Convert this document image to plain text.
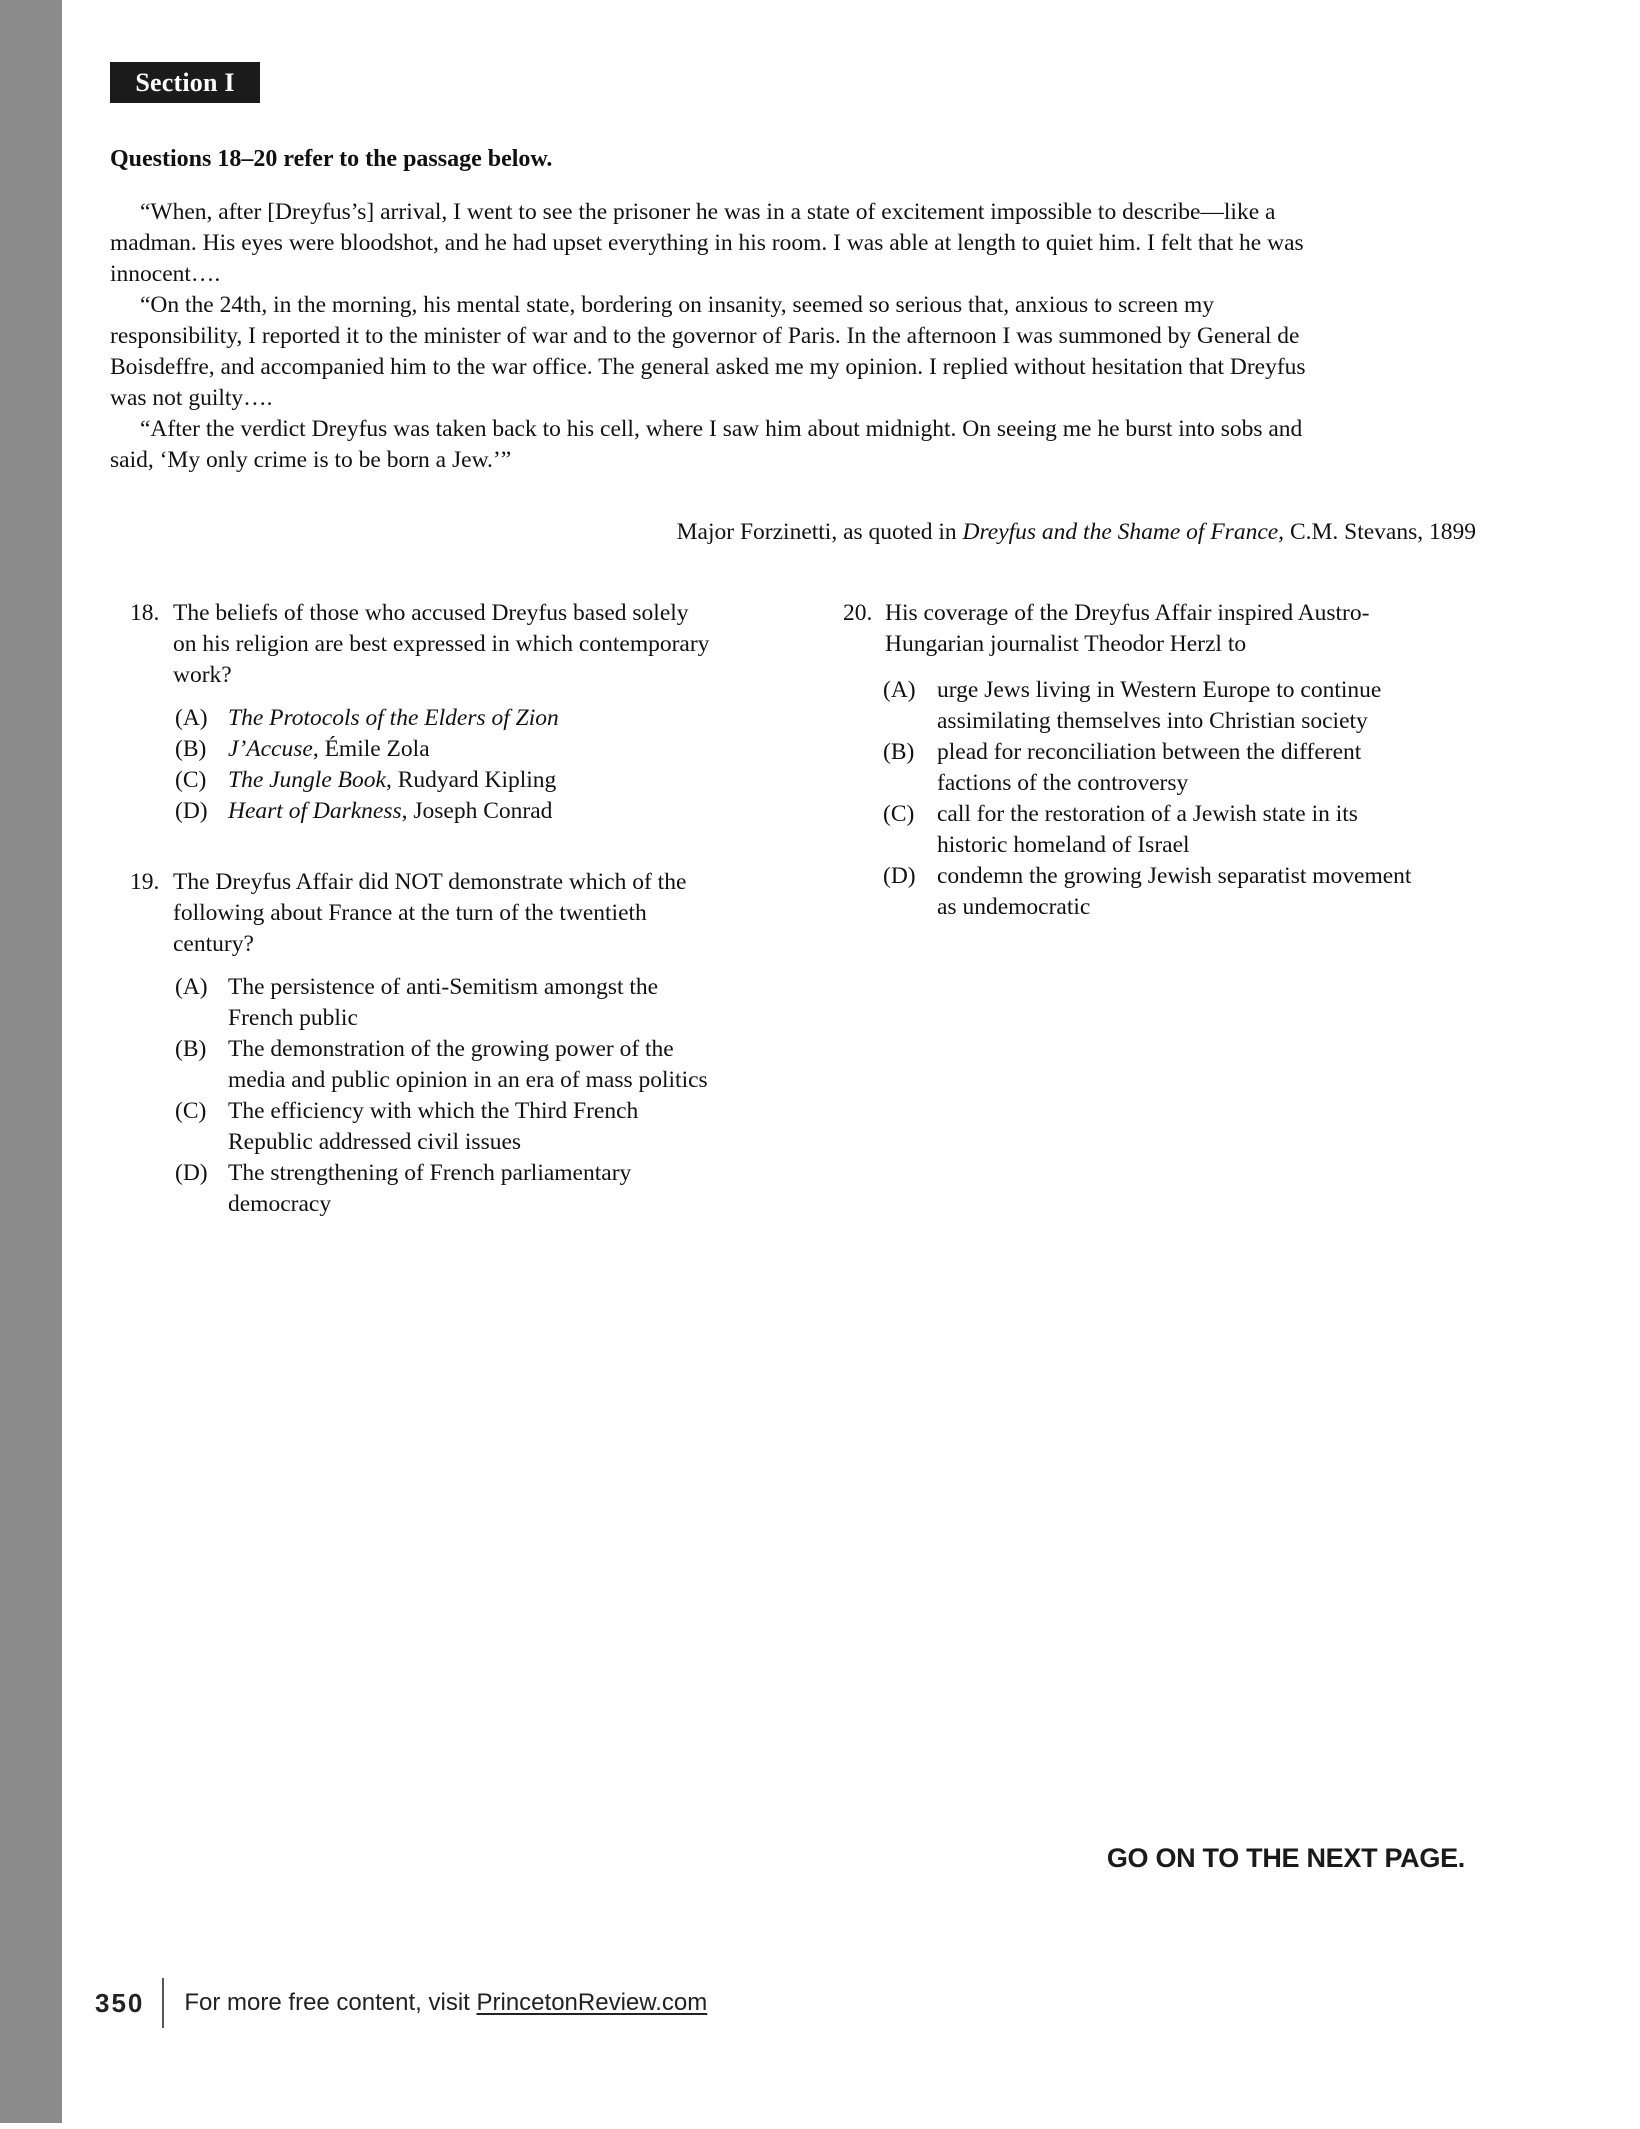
Section I
Questions 18–20 refer to the passage below.
“When, after [Dreyfus’s] arrival, I went to see the prisoner he was in a state of excitement impossible to describe—like a
madman. His eyes were bloodshot, and he had upset everything in his room. I was able at length to quiet him. I felt that he was
innocent….
“On the 24th, in the morning, his mental state, bordering on insanity, seemed so serious that, anxious to screen my
responsibility, I reported it to the minister of war and to the governor of Paris. In the afternoon I was summoned by General de
Boisdeffre, and accompanied him to the war office. The general asked me my opinion. I replied without hesitation that Dreyfus
was not guilty….
“After the verdict Dreyfus was taken back to his cell, where I saw him about midnight. On seeing me he burst into sobs and
said, ‘My only crime is to be born a Jew.’”
Major Forzinetti, as quoted in Dreyfus and the Shame of France, C.M. Stevans, 1899
18. The beliefs of those who accused Dreyfus based solely
on his religion are best expressed in which contemporary
work?
(A) The Protocols of the Elders of Zion
(B) J’Accuse, Émile Zola
(C) The Jungle Book, Rudyard Kipling
(D) Heart of Darkness, Joseph Conrad
19. The Dreyfus Affair did NOT demonstrate which of the
following about France at the turn of the twentieth
century?
(A) The persistence of anti-Semitism amongst the
French public
(B) The demonstration of the growing power of the
media and public opinion in an era of mass politics
(C) The efficiency with which the Third French
Republic addressed civil issues
(D) The strengthening of French parliamentary
democracy
20. His coverage of the Dreyfus Affair inspired Austro-
Hungarian journalist Theodor Herzl to
(A) urge Jews living in Western Europe to continue
assimilating themselves into Christian society
(B) plead for reconciliation between the different
factions of the controversy
(C) call for the restoration of a Jewish state in its
historic homeland of Israel
(D) condemn the growing Jewish separatist movement
as undemocratic
GO ON TO THE NEXT PAGE.
350 For more free content, visit PrincetonReview.com
